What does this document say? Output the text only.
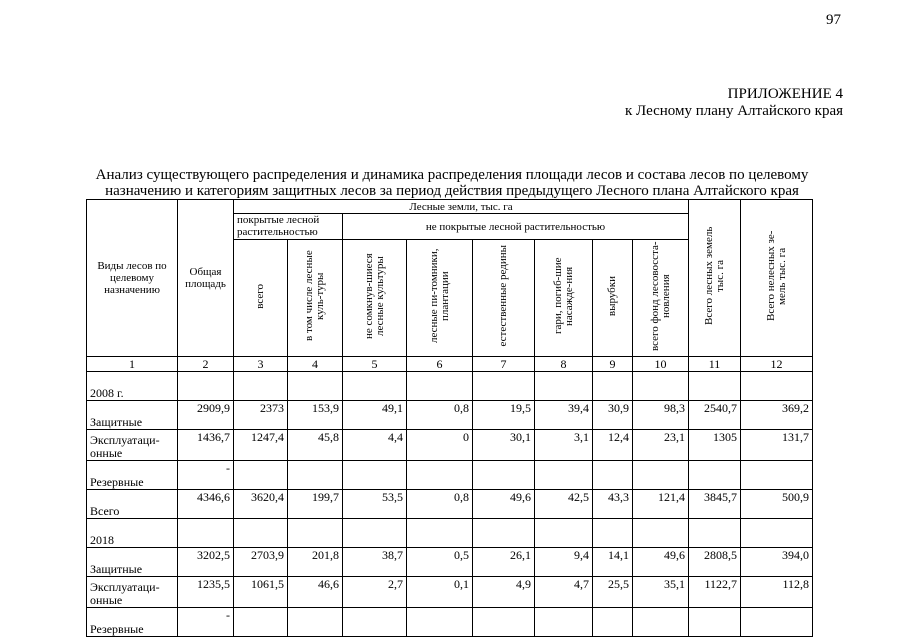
97
ПРИЛОЖЕНИЕ 4
к Лесному плану Алтайского края
Анализ существующего распределения и динамика распределения площади лесов и состава лесов по целевому
назначению и категориям защитных лесов за период действия предыдущего Лесного плана Алтайского края
Виды лесов по целевому назначению	Общая площадь	Лесные земли, тыс. га								Всего лесных земель тыс. га	Всего нелесных зе-мель тыс. га
		покрытые лесной растительностью		не покрытые лесной растительностью							
		всего	в том числе лесные куль-туры	не сомкнув-шиеся лесные культуры	лесные пи-томники, плантации	естественные редины	гари, погиб-шие насажде-ния	вырубки	всего фонд лесовосста-новления		
1	2	3	4	5	6	7	8	9	10	11	12
2008 г.											
Защитные	2909,9	2373	153,9	49,1	0,8	19,5	39,4	30,9	98,3	2540,7	369,2
Эксплуатаци-онные	1436,7	1247,4	45,8	4,4	0	30,1	3,1	12,4	23,1	1305	131,7
Резервные	-										
Всего	4346,6	3620,4	199,7	53,5	0,8	49,6	42,5	43,3	121,4	3845,7	500,9
2018											
Защитные	3202,5	2703,9	201,8	38,7	0,5	26,1	9,4	14,1	49,6	2808,5	394,0
Эксплуатаци-онные	1235,5	1061,5	46,6	2,7	0,1	4,9	4,7	25,5	35,1	1122,7	112,8
Резервные	-										
